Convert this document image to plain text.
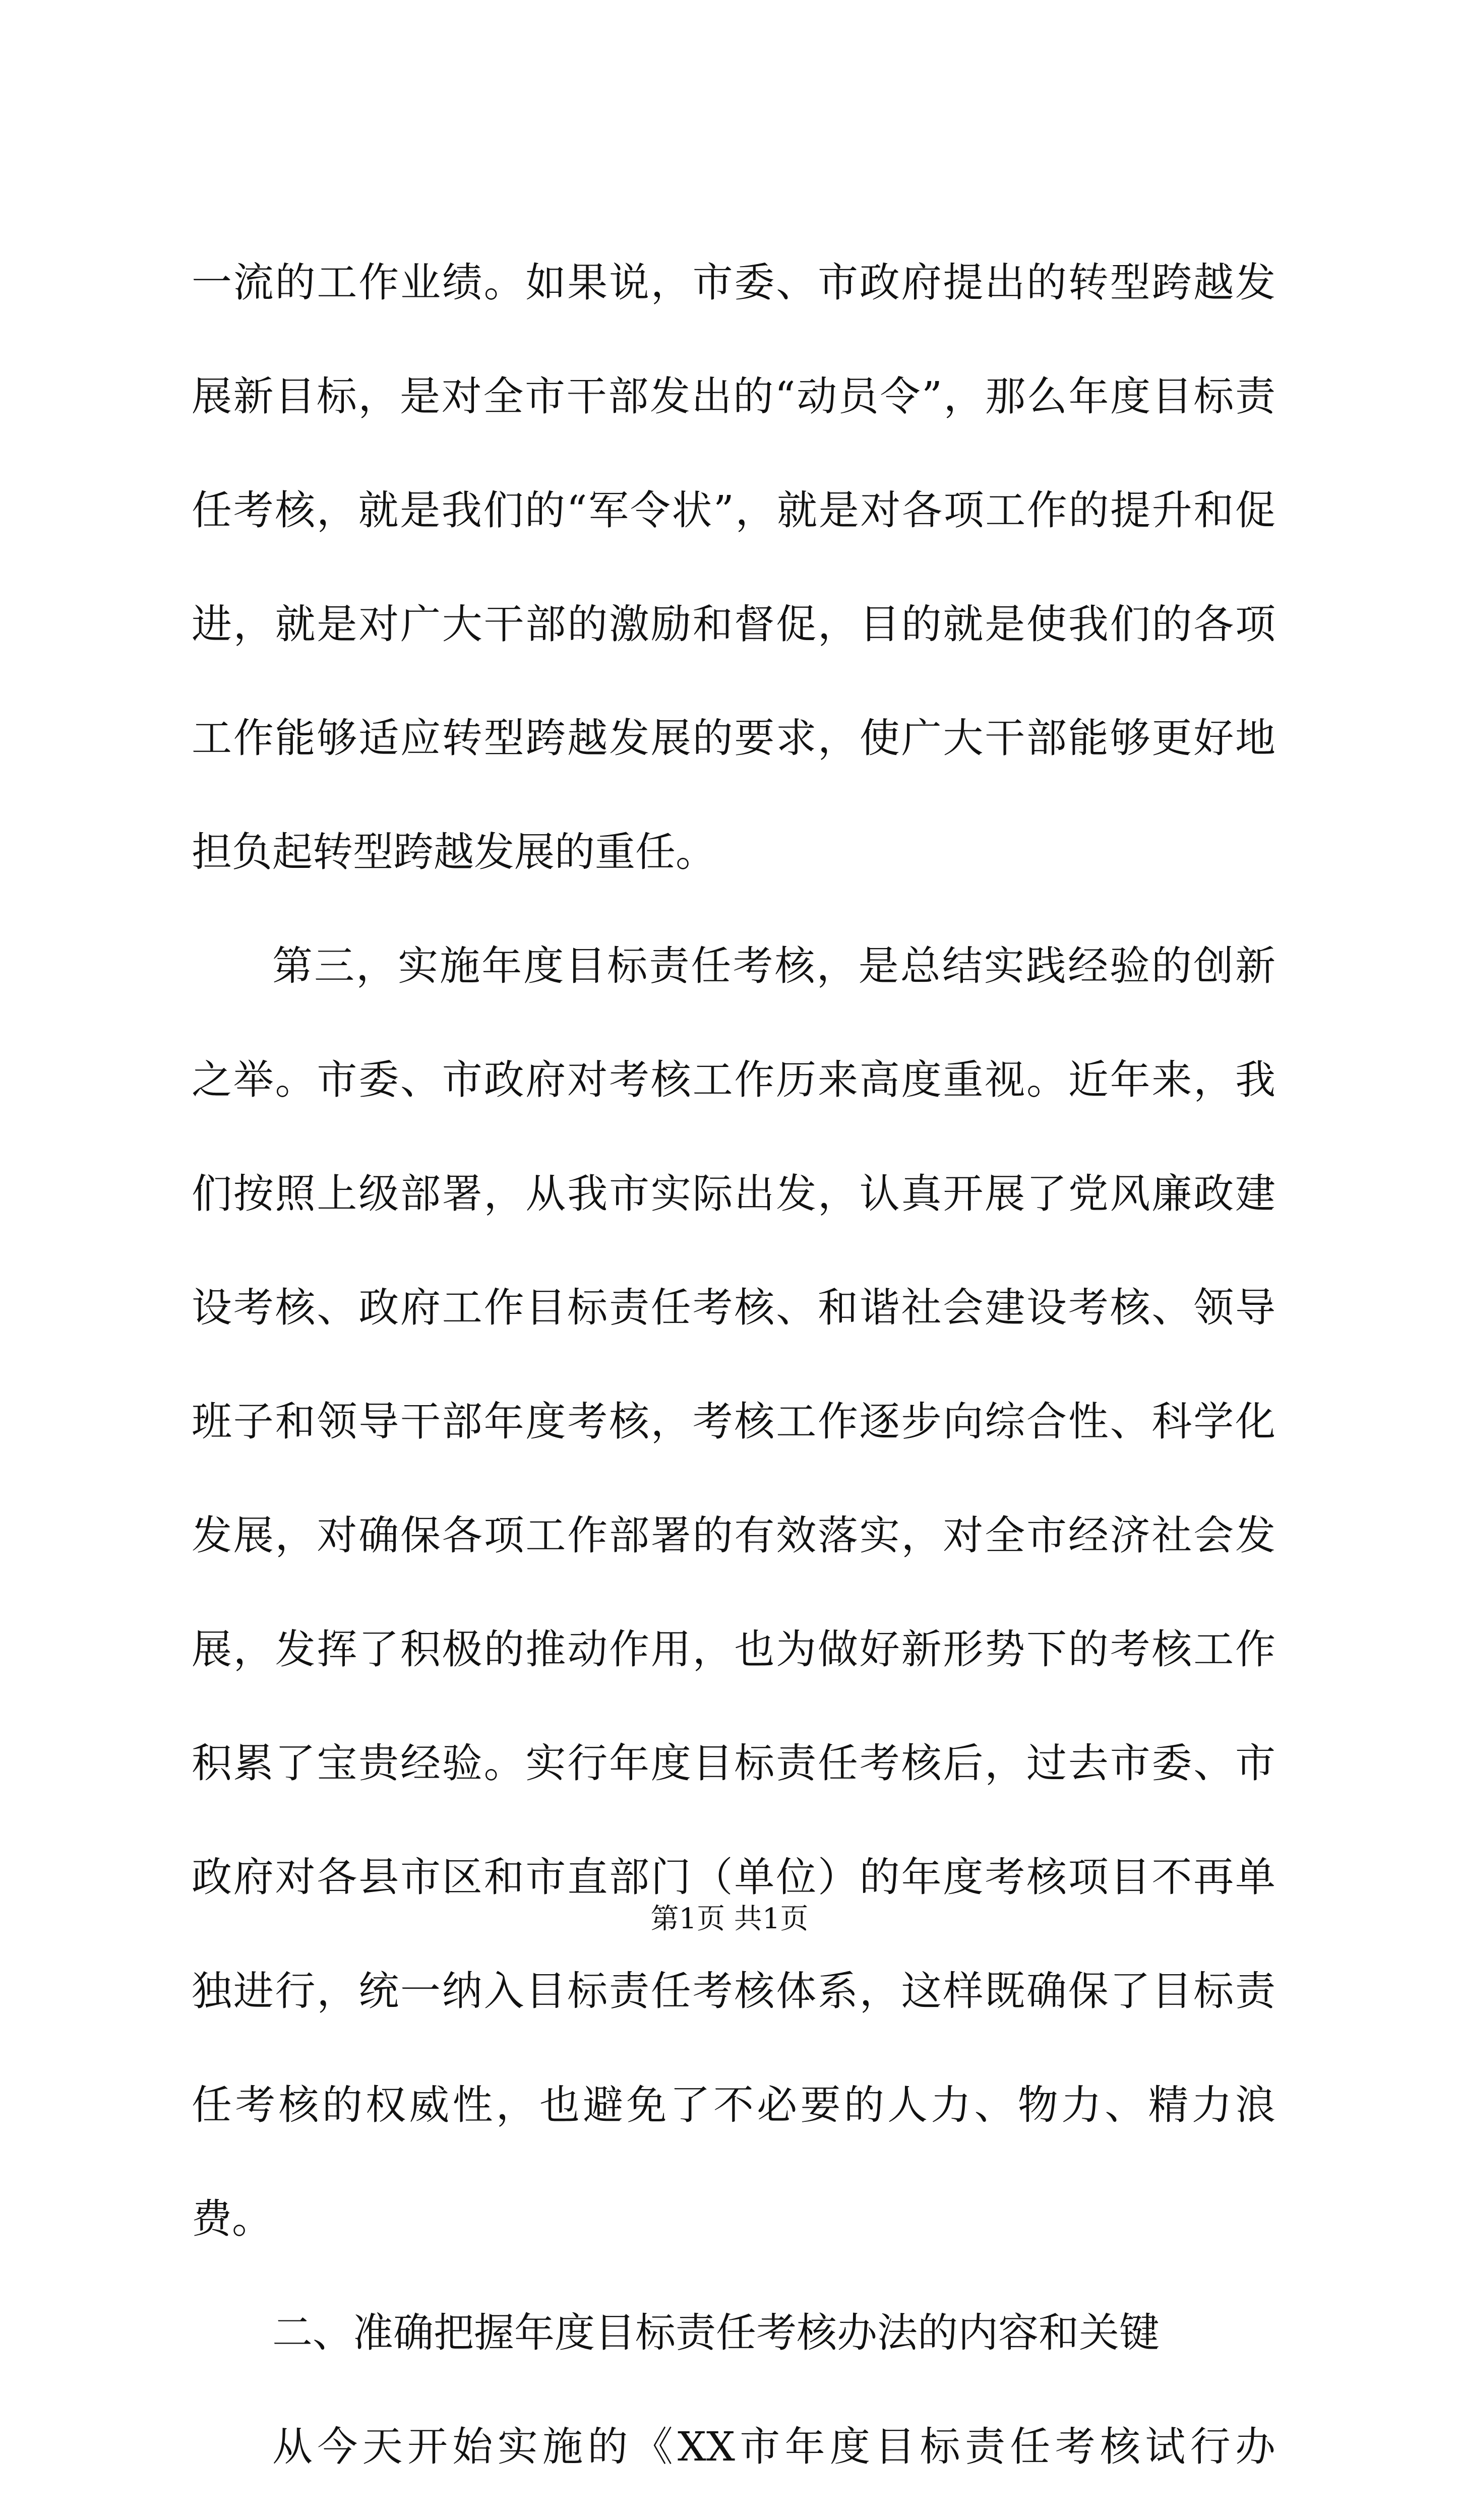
一流的工作业绩。如果说，市委、市政府提出的转型跨越发展新目标，是对全市干部发出的“动员令”，那么年度目标责任考核，就是我们的“军令状”，就是对各项工作的提升和促进，就是对广大干部的激励和督促，目的就是使我们的各项工作能够适应转型跨越发展的要求，使广大干部能够更好地担负起转型跨越发展的重任。

第三，实施年度目标责任考核，是总结实践经验的创新之举。市委、市政府对考核工作历来高度重视。近年来，我们按照上级部署，从我市实际出发，认真开展了党风廉政建设考核、政府工作目标责任考核、和谐社会建设考核、领导班子和领导干部年度考核，考核工作逐步向综合性、科学化发展，对确保各项工作部署的有效落实，对全市经济社会发展，发挥了积极的推动作用，也为做好新形势下的考核工作积累了宝贵经验。实行年度目标责任考核后，过去市委、市政府对各县市区和市直部门（单位）的年度考核项目不再单独进行，统一纳入目标责任考核体系，这样既确保了目标责任考核的权威性，也避免了不必要的人力、物力、精力浪费。

二、准确把握年度目标责任考核办法的内容和关键

从今天开始实施的《XX市年度目标责任考核试行办

第1页 共1页
